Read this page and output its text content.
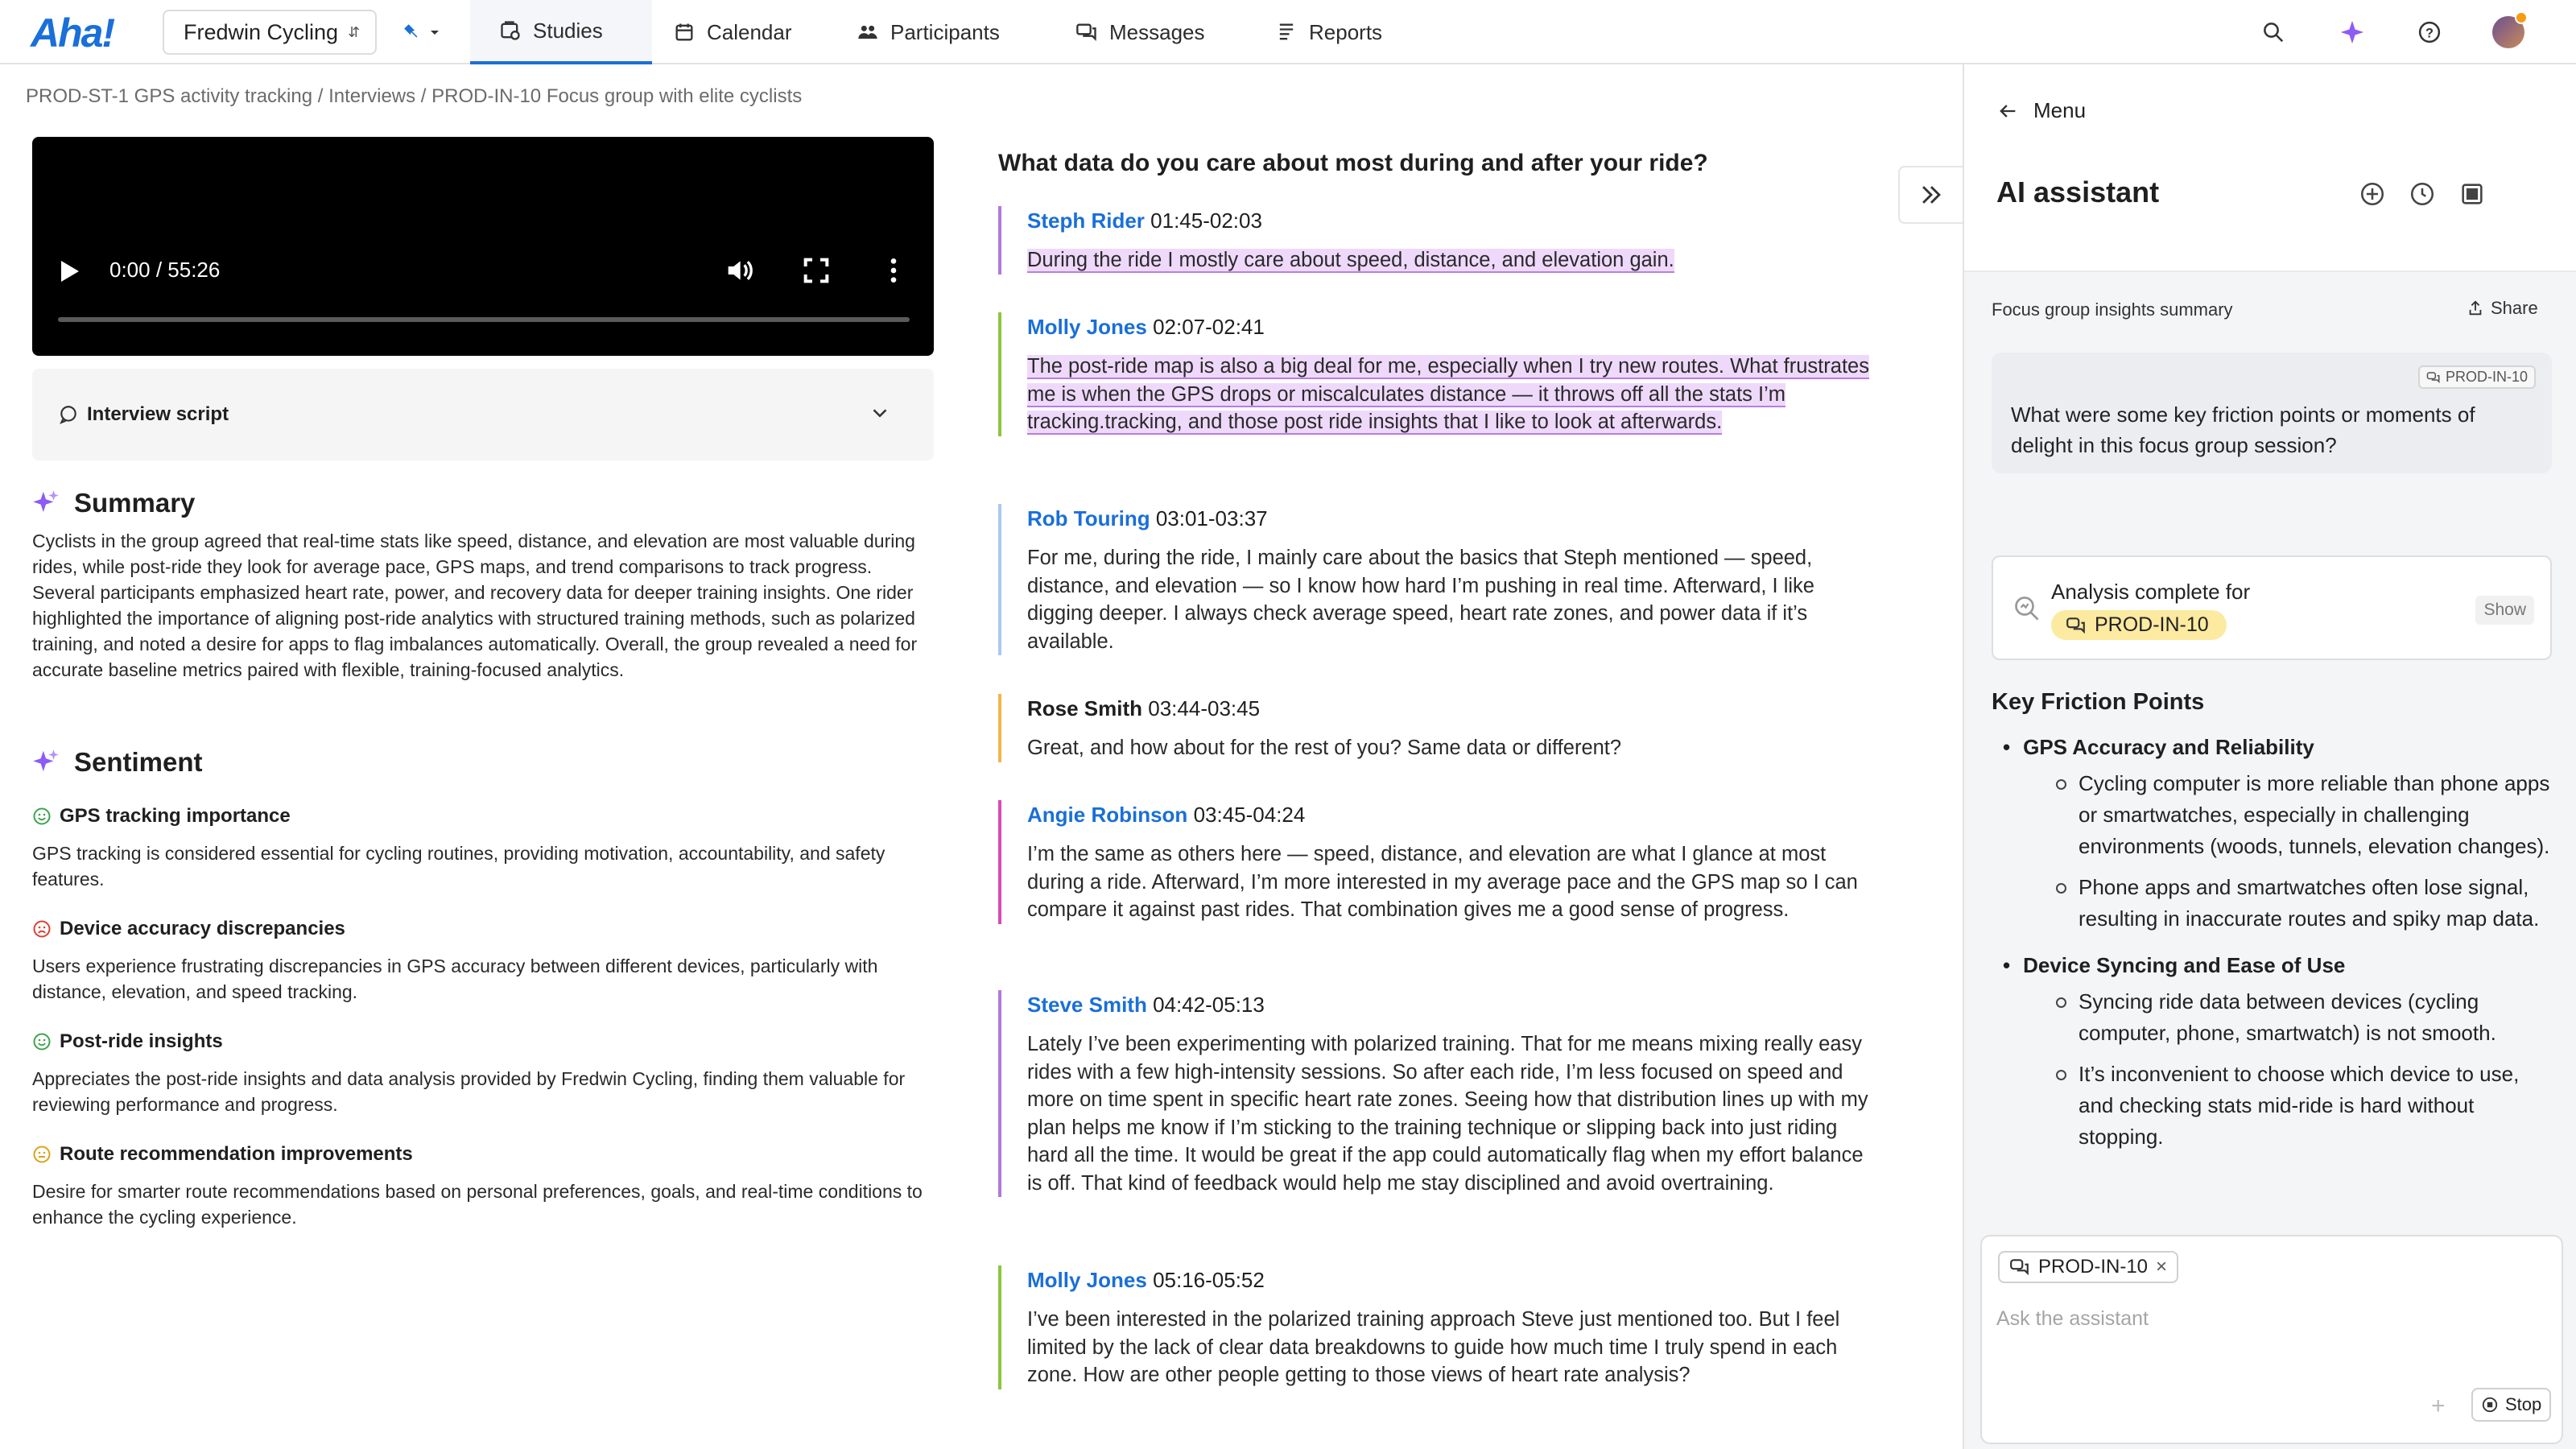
Aha!	Fredwin Cycling ⇵	Studies	Calendar	Participants	Messages	Reports	?
PROD-ST-1 GPS activity tracking / Interviews / PROD-IN-10 Focus group with elite cyclists
0:00 / 55:26
Interview script
Summary
Cyclists in the group agreed that real-time stats like speed, distance, and elevation are most valuable during rides, while post-ride they look for average pace, GPS maps, and trend comparisons to track progress. Several participants emphasized heart rate, power, and recovery data for deeper training insights. One rider highlighted the importance of aligning post-ride analytics with structured training methods, such as polarized training, and noted a desire for apps to flag imbalances automatically. Overall, the group revealed a need for accurate baseline metrics paired with flexible, training-focused analytics.
Sentiment
GPS tracking importance
GPS tracking is considered essential for cycling routines, providing motivation, accountability, and safety features.
Device accuracy discrepancies
Users experience frustrating discrepancies in GPS accuracy between different devices, particularly with distance, elevation, and speed tracking.
Post-ride insights
Appreciates the post-ride insights and data analysis provided by Fredwin Cycling, finding them valuable for reviewing performance and progress.
Route recommendation improvements
Desire for smarter route recommendations based on personal preferences, goals, and real-time conditions to enhance the cycling experience.
What data do you care about most during and after your ride?
Steph Rider 01:45-02:03
During the ride I mostly care about speed, distance, and elevation gain.
Molly Jones 02:07-02:41
The post-ride map is also a big deal for me, especially when I try new routes. What frustrates me is when the GPS drops or miscalculates distance — it throws off all the stats I’m tracking.tracking, and those post ride insights that I like to look at afterwards.
Rob Touring 03:01-03:37
For me, during the ride, I mainly care about the basics that Steph mentioned — speed, distance, and elevation — so I know how hard I’m pushing in real time. Afterward, I like digging deeper. I always check average speed, heart rate zones, and power data if it’s available.
Rose Smith 03:44-03:45
Great, and how about for the rest of you? Same data or different?
Angie Robinson 03:45-04:24
I’m the same as others here — speed, distance, and elevation are what I glance at most during a ride. Afterward, I’m more interested in my average pace and the GPS map so I can compare it against past rides. That combination gives me a good sense of progress.
Steve Smith 04:42-05:13
Lately I’ve been experimenting with polarized training. That for me means mixing really easy rides with a few high-intensity sessions. So after each ride, I’m less focused on speed and more on time spent in specific heart rate zones. Seeing how that distribution lines up with my plan helps me know if I’m sticking to the training technique or slipping back into just riding hard all the time. It would be great if the app could automatically flag when my effort balance is off. That kind of feedback would help me stay disciplined and avoid overtraining.
Molly Jones 05:16-05:52
I’ve been interested in the polarized training approach Steve just mentioned too. But I feel limited by the lack of clear data breakdowns to guide how much time I truly spend in each zone. How are other people getting to those views of heart rate analysis?
Menu
AI assistant
Focus group insights summary	Share
PROD-IN-10
What were some key friction points or moments of delight in this focus group session?
Analysis complete for
PROD-IN-10
Show
Key Friction Points
• GPS Accuracy and Reliability
Cycling computer is more reliable than phone apps or smartwatches, especially in challenging environments (woods, tunnels, elevation changes).
Phone apps and smartwatches often lose signal, resulting in inaccurate routes and spiky map data.
• Device Syncing and Ease of Use
Syncing ride data between devices (cycling computer, phone, smartwatch) is not smooth.
It’s inconvenient to choose which device to use, and checking stats mid-ride is hard without stopping.
PROD-IN-10 ×
Ask the assistant
+	Stop
